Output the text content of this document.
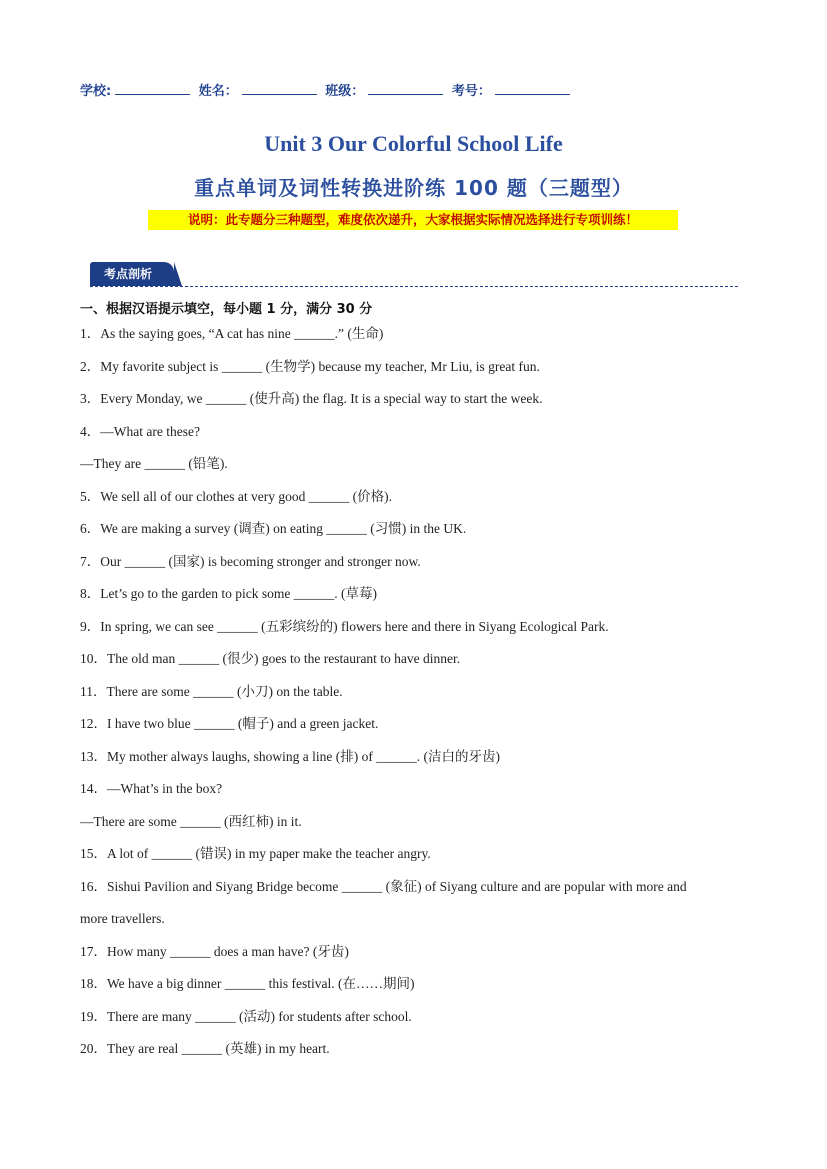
学校:	姓名：	班级：	考号：
Unit 3 Our Colorful School Life
重点单词及词性转换进阶练 100 题（三题型）
说明：此专题分三种题型，难度依次递升，大家根据实际情况选择进行专项训练！
考点剖析
一、根据汉语提示填空，每小题 1 分，满分 30 分
1．As the saying goes, “A cat has nine ______.” (生命)
2．My favorite subject is ______ (生物学) because my teacher, Mr Liu, is great fun.
3．Every Monday, we ______ (使升高) the flag. It is a special way to start the week.
4．—What are these?
—They are ______ (铅笔).
5．We sell all of our clothes at very good ______ (价格).
6．We are making a survey (调查) on eating ______ (习惯) in the UK.
7．Our ______ (国家) is becoming stronger and stronger now.
8．Let’s go to the garden to pick some ______. (草莓)
9．In spring, we can see ______ (五彩缤纷的) flowers here and there in Siyang Ecological Park.
10．The old man ______ (很少) goes to the restaurant to have dinner.
11．There are some ______ (小刀) on the table.
12．I have two blue ______ (帽子) and a green jacket.
13．My mother always laughs, showing a line (排) of ______. (洁白的牙齿)
14．—What’s in the box?
—There are some ______ (西红柿) in it.
15．A lot of ______ (错误) in my paper make the teacher angry.
16．Sishui Pavilion and Siyang Bridge become ______ (象征) of Siyang culture and are popular with more and
more travellers.
17．How many ______ does a man have? (牙齿)
18．We have a big dinner ______ this festival. (在……期间)
19．There are many ______ (活动) for students after school.
20．They are real ______ (英雄) in my heart.
